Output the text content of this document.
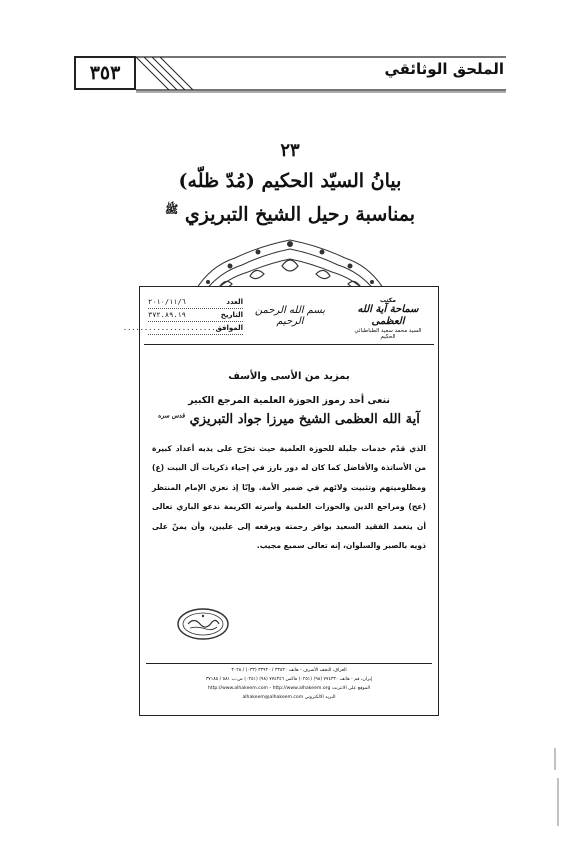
٣٥٣	الملحق الوثائقي
٢٣
بيانُ السيّد الحكيم (مُدّ ظلّه)
بمناسبة رحيل الشيخ التبريزي $^ﷺ$
مكتب
سماحة آية الله العظمى
السيد محمد سعيد الطباطبائي الحكيم
بسم الله الرحمن الرحيم
العدد
٢٠١٠/١١/٦
التاريخ
٣٧٢.٨٩.١٩
الموافق
......................
بمزيد من الأسى والأسف
ننعى أحد رموز الحوزة العلمية المرجع الكبير
آية الله العظمى الشيخ ميرزا جواد التبريزي $^{قدس سره}$

الذي قدّم خدمات جليلة للحوزة العلمية حيث تخرّج على يديه أعداد كبيرة من الأساتذة والأفاضل كما كان له دور بارز في إحياء ذكريات آل البيت (ع) ومظلوميتهم وتثبيت ولائهم في ضمير الأمة. وإنّا إذ نعزي الإمام المنتظر (عج) ومراجع الدين والحوزات العلمية وأسرته الكريمة ندعو الباري تعالى أن يتغمد الفقيد السعيد بوافر رحمته ويرفعه إلى عليين، وأن يمنّ على ذويه بالصبر والسلوان، إنه تعالى سميع مجيب.

العراق، النجف الأشرف - هاتف ٣٣٥٣٠ / ٣٣٩٣٠ (٠٣٣) / ٣٠٢٨
إيران، قم - هاتف ٧٧٤٣٣٠ (٩٨) (٠٢٥١) فاكس ٧٧٤٣٤٦ (٩٨) (٠٢٥١) ص.ب ٥٨١ / ٣٧١٨٥
الموقع على الانترنت http://www.alhakeem.com - http://www.alhakeem.org
البريد الالكتروني alhakeem@alhakeem.com
